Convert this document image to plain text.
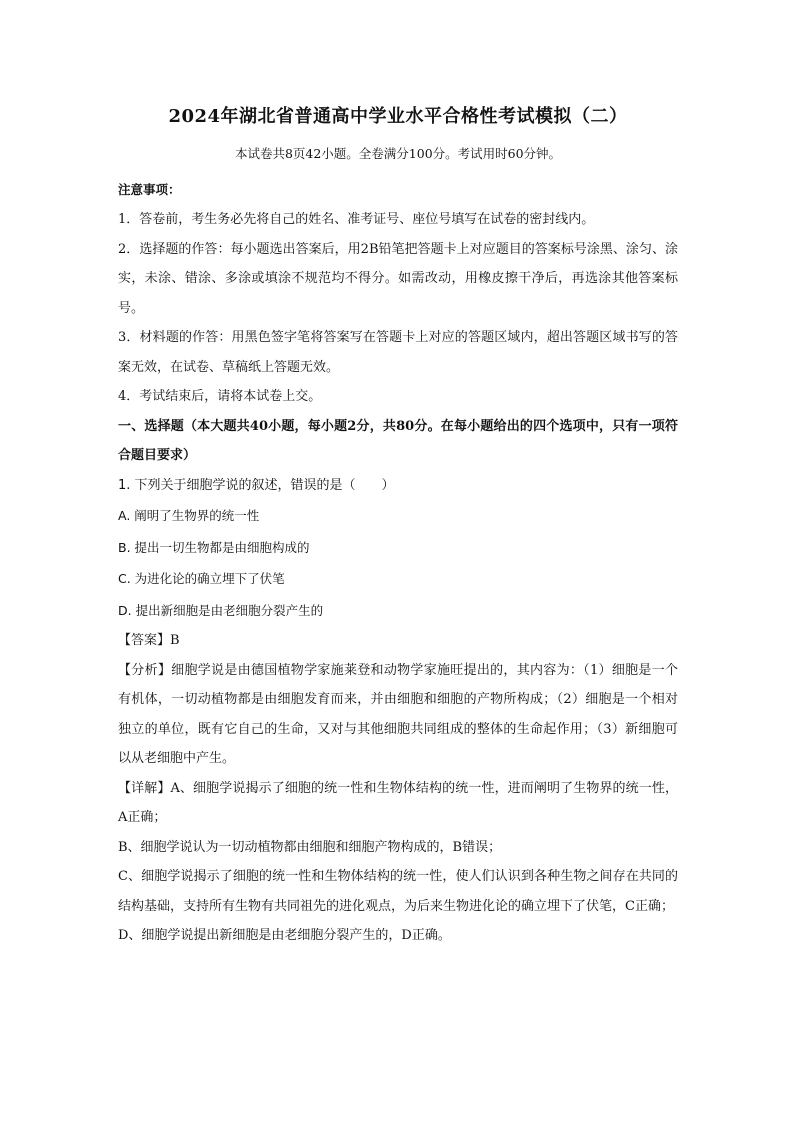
2024年湖北省普通高中学业水平合格性考试模拟（二）
本试卷共8页42小题。全卷满分100分。考试用时60分钟。
注意事项：

1．答卷前，考生务必先将自己的姓名、准考证号、座位号填写在试卷的密封线内。

2．选择题的作答：每小题选出答案后，用2B铅笔把答题卡上对应题目的答案标号涂黑、涂匀、涂实，未涂、错涂、多涂或填涂不规范均不得分。如需改动，用橡皮擦干净后，再选涂其他答案标号。

3．材料题的作答：用黑色签字笔将答案写在答题卡上对应的答题区域内，超出答题区域书写的答案无效，在试卷、草稿纸上答题无效。

4．考试结束后，请将本试卷上交。

一、选择题（本大题共40小题，每小题2分，共80分。在每小题给出的四个选项中，只有一项符合题目要求）

1. 下列关于细胞学说的叙述，错误的是（　　）

A. 阐明了生物界的统一性
B. 提出一切生物都是由细胞构成的
C. 为进化论的确立埋下了伏笔
D. 提出新细胞是由老细胞分裂产生的

【答案】B

【分析】细胞学说是由德国植物学家施莱登和动物学家施旺提出的，其内容为：（1）细胞是一个有机体，一切动植物都是由细胞发育而来，并由细胞和细胞的产物所构成；（2）细胞是一个相对独立的单位，既有它自己的生命，又对与其他细胞共同组成的整体的生命起作用；（3）新细胞可以从老细胞中产生。

【详解】A、细胞学说揭示了细胞的统一性和生物体结构的统一性，进而阐明了生物界的统一性，A正确；

B、细胞学说认为一切动植物都由细胞和细胞产物构成的，B错误；

C、细胞学说揭示了细胞的统一性和生物体结构的统一性，使人们认识到各种生物之间存在共同的结构基础，支持所有生物有共同祖先的进化观点，为后来生物进化论的确立埋下了伏笔，C正确；

D、细胞学说提出新细胞是由老细胞分裂产生的，D正确。
